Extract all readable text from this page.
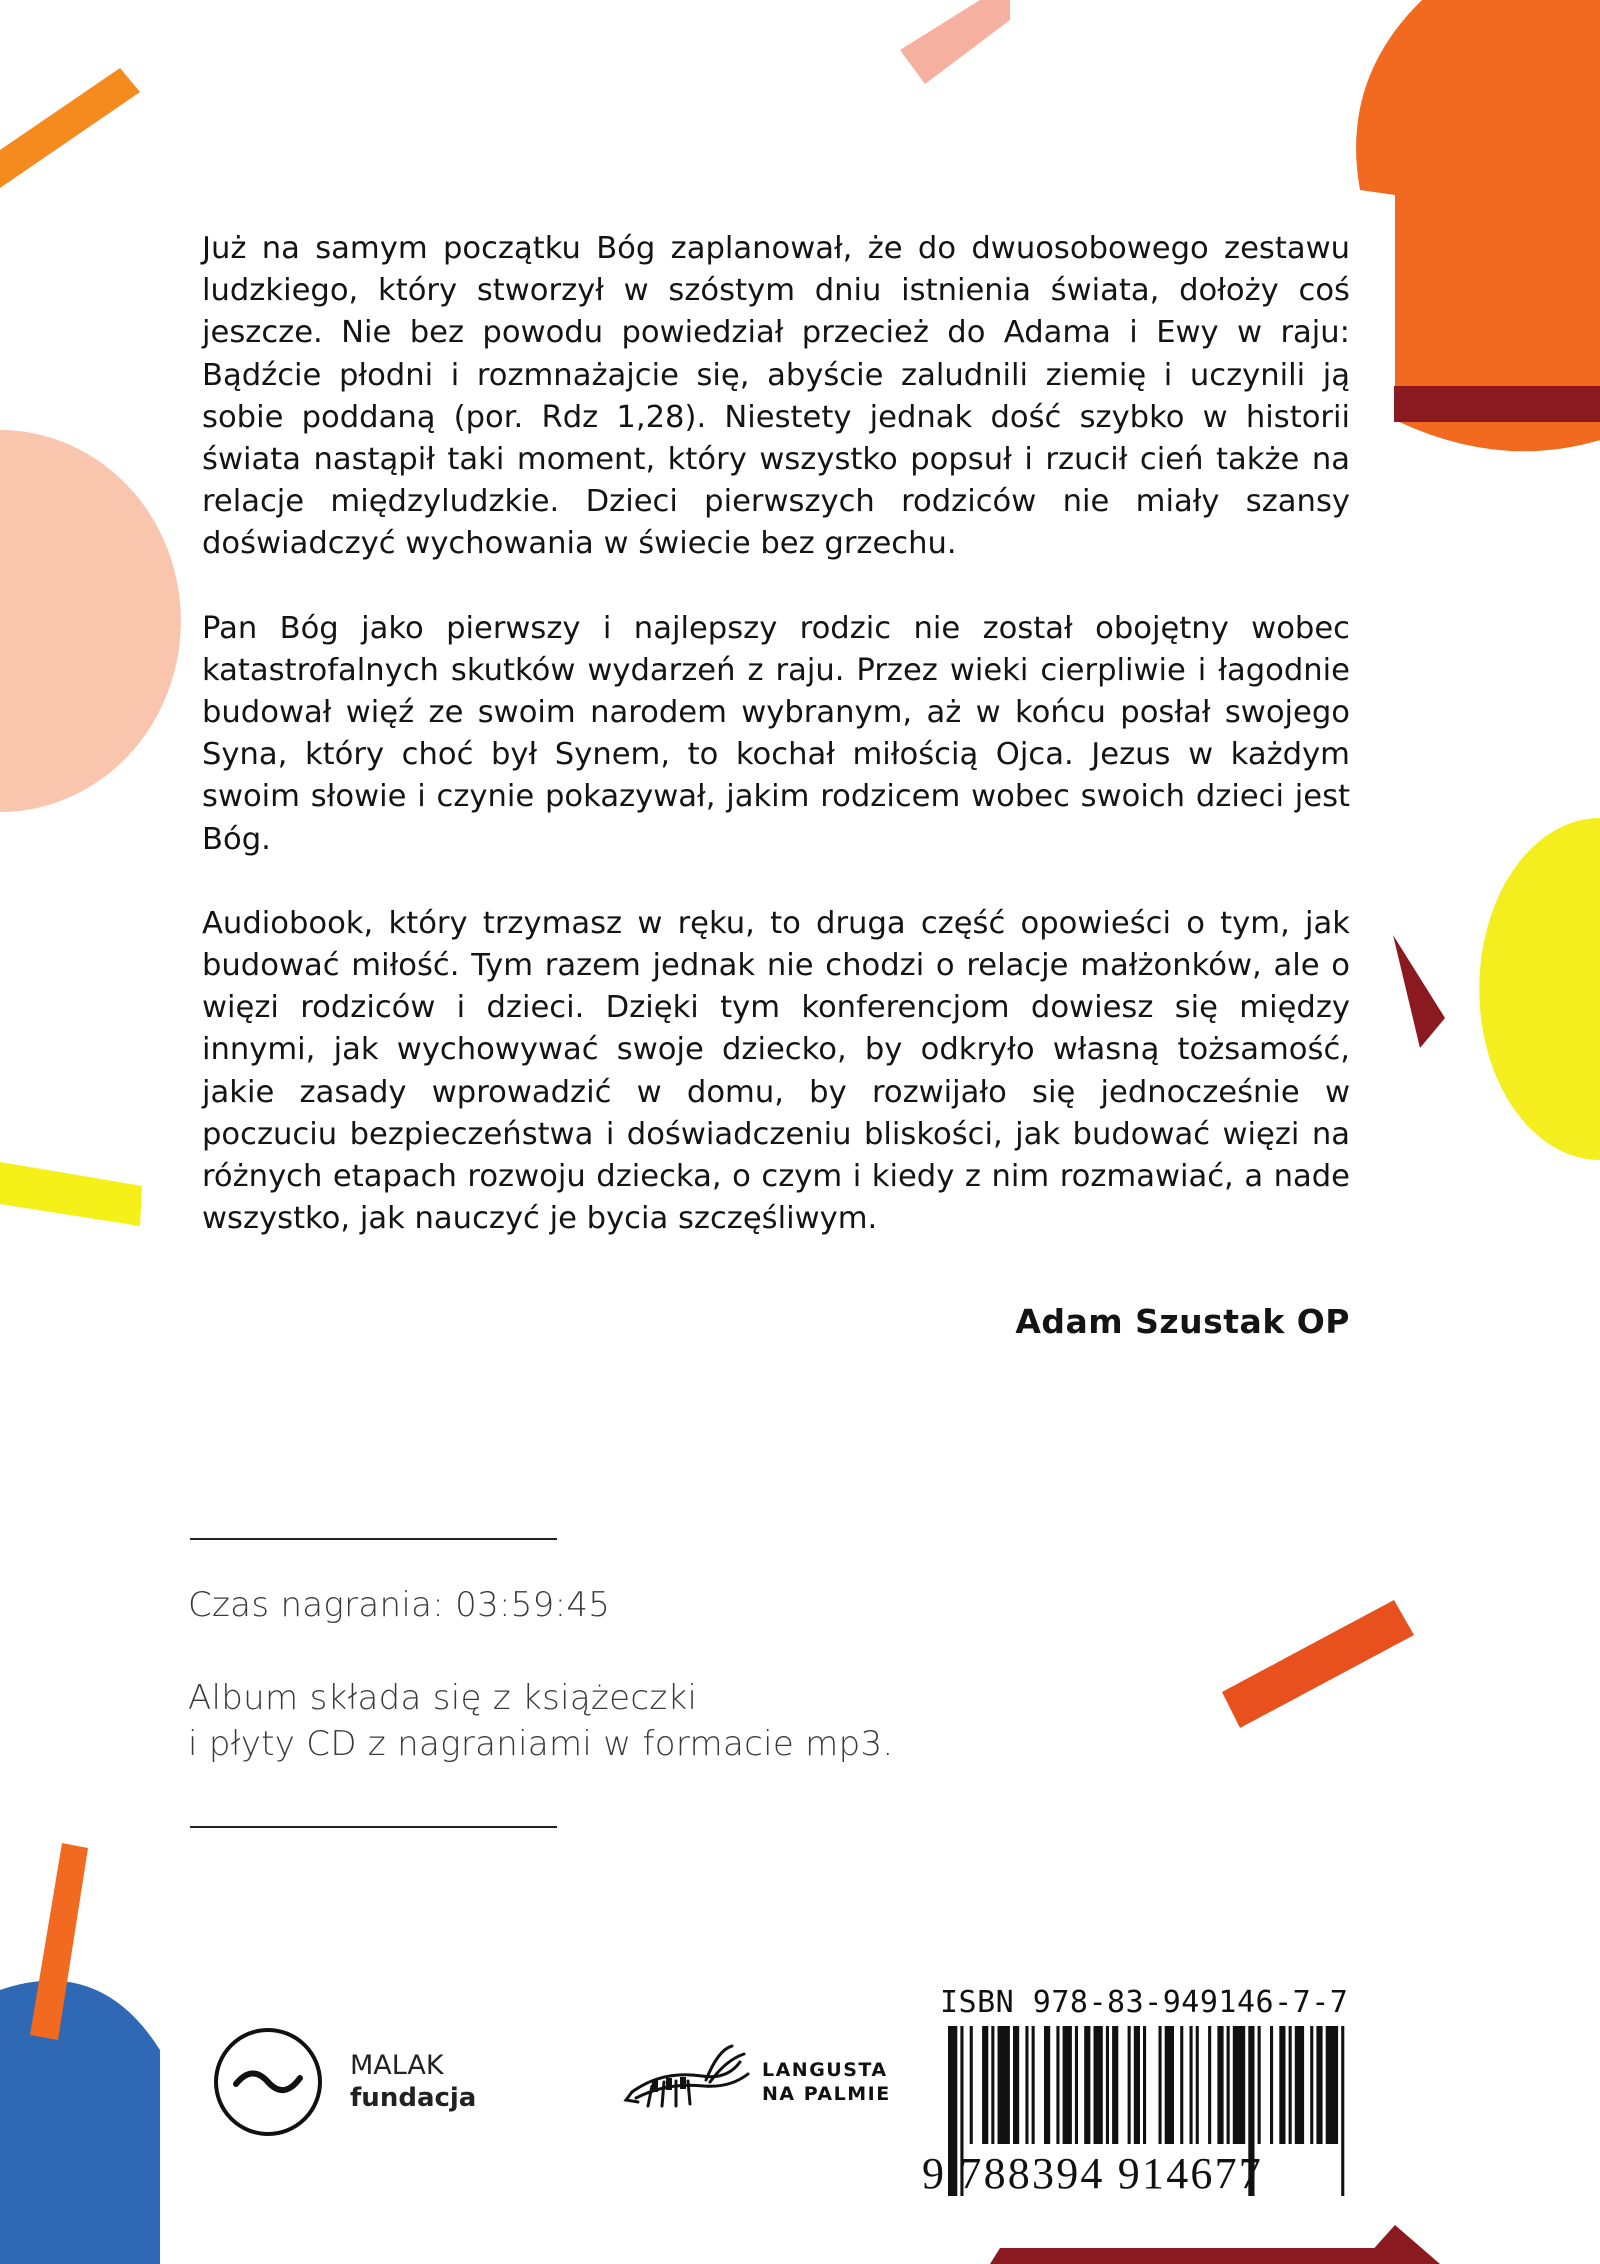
Już na samym początku Bóg zaplanował, że do dwuosobowego zestawu ludzkiego, który stworzył w szóstym dniu istnienia świata, dołoży coś jeszcze. Nie bez powodu powiedział przecież do Adama i Ewy w raju: Bądźcie płodni i rozmnażajcie się, abyście zaludnili ziemię i uczynili ją sobie poddaną (por. Rdz 1,28). Niestety jednak dość szybko w historii świata nastąpił taki moment, który wszystko popsuł i rzucił cień także na relacje międzyludzkie. Dzieci pierwszych rodziców nie miały szansy doświadczyć wychowania w świecie bez grzechu.

Pan Bóg jako pierwszy i najlepszy rodzic nie został obojętny wobec katastrofalnych skutków wydarzeń z raju. Przez wieki cierpliwie i łagodnie budował więź ze swoim narodem wybranym, aż w końcu posłał swojego Syna, który choć był Synem, to kochał miłością Ojca. Jezus w każdym swoim słowie i czynie pokazywał, jakim rodzicem wobec swoich dzieci jest Bóg.

Audiobook, który trzymasz w ręku, to druga część opowieści o tym, jak budować miłość. Tym razem jednak nie chodzi o relacje małżonków, ale o więzi rodziców i dzieci. Dzięki tym konferencjom dowiesz się między innymi, jak wychowywać swoje dziecko, by odkryło własną tożsamość, jakie zasady wprowadzić w domu, by rozwijało się jednocześnie w poczuciu bezpieczeństwa i doświadczeniu bliskości, jak budować więzi na różnych etapach rozwoju dziecka, o czym i kiedy z nim rozmawiać, a nade wszystko, jak nauczyć je bycia szczęśliwym.

Adam Szustak OP
Czas nagrania: 03:59:45
Album składa się z książeczki
i płyty CD z nagraniami w formacie mp3.
MALAK
fundacja
LANGUSTA
NA PALMIE
ISBN 978-83-949146-7-7
9 788394 914677
